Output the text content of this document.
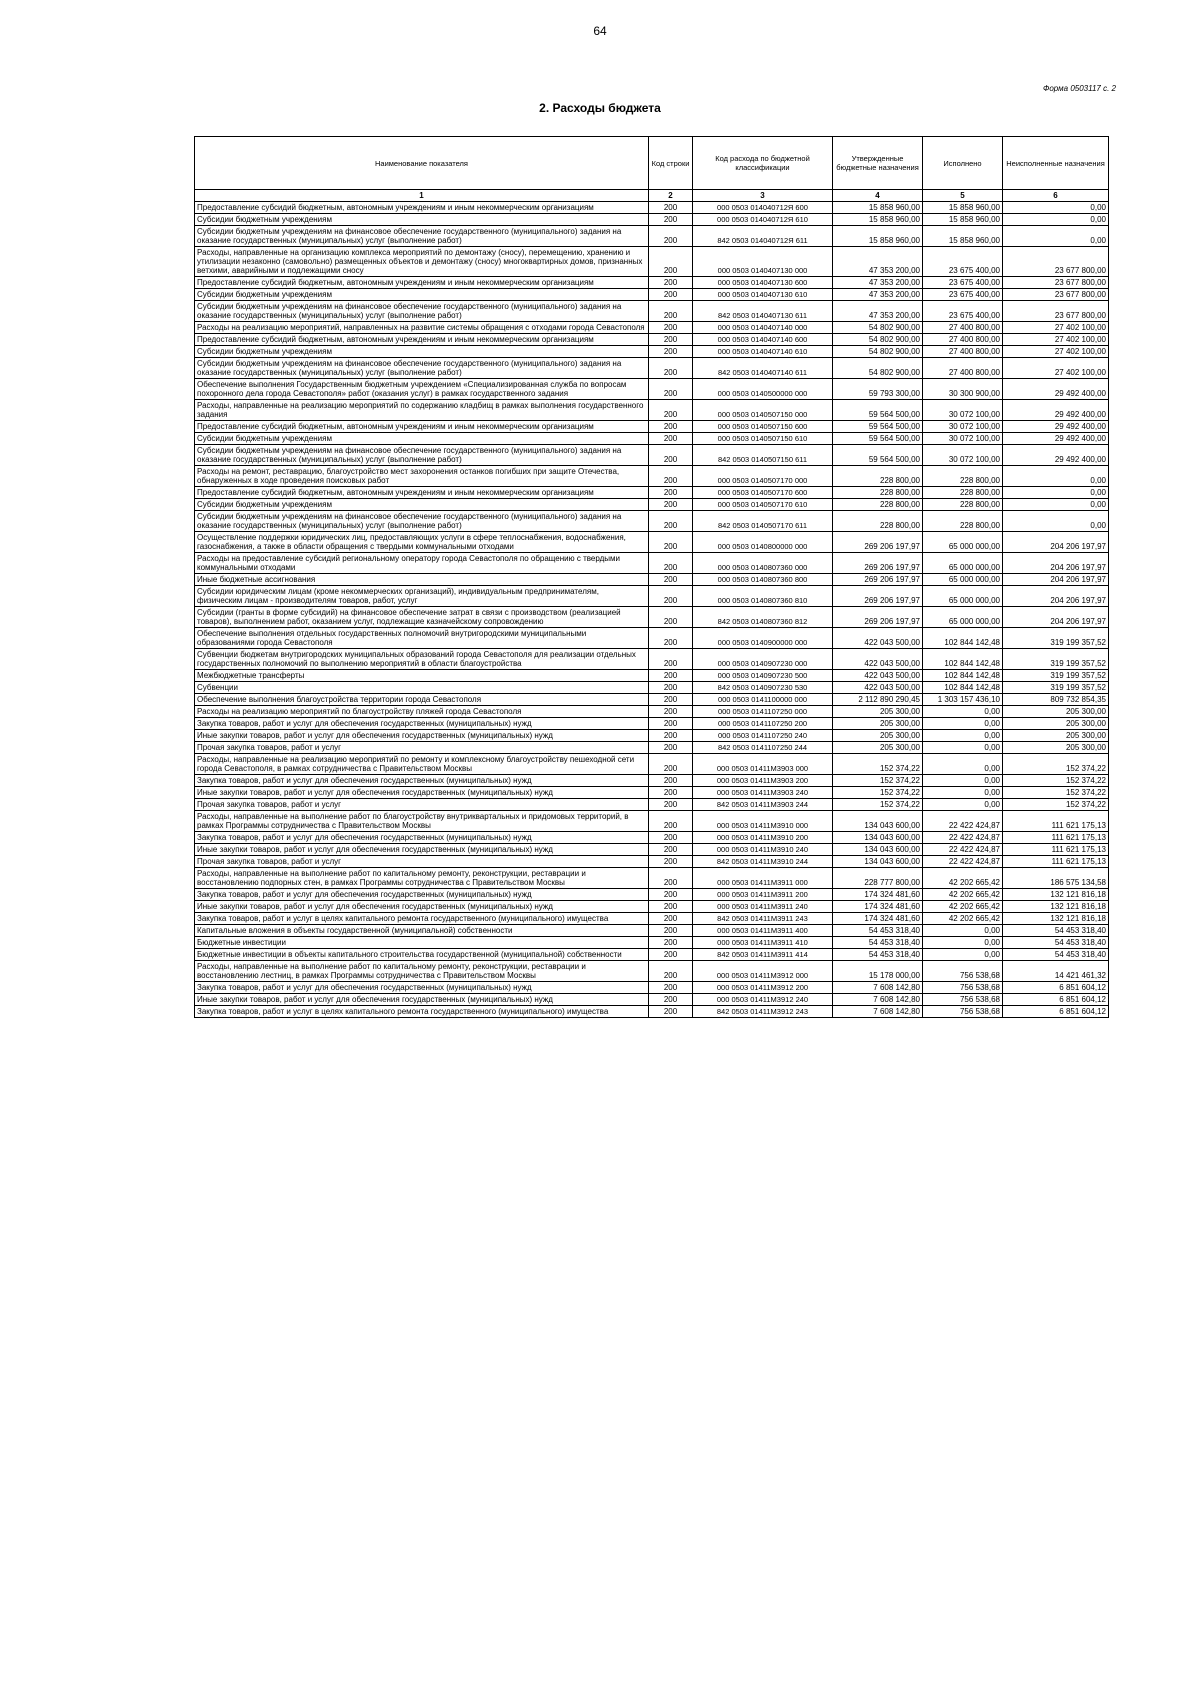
64
Форма 0503117 с. 2
2. Расходы бюджета
Наименование показателя	Код строки	Код расхода по бюджетной классификации	Утвержденные бюджетные назначения	Исполнено	Неисполненные назначения
1	2	3	4	5	6
Предоставление субсидий бюджетным, автономным учреждениям и иным некоммерческим организациям	200	000 0503 014040712Я 600	15 858 960,00	15 858 960,00	0,00
Субсидии бюджетным учреждениям	200	000 0503 014040712Я 610	15 858 960,00	15 858 960,00	0,00
Субсидии бюджетным учреждениям на финансовое обеспечение государственного (муниципального) задания на оказание государственных (муниципальных) услуг (выполнение работ)	200	842 0503 014040712Я 611	15 858 960,00	15 858 960,00	0,00
Расходы, направленные на организацию комплекса мероприятий по демонтажу (сносу), перемещению, хранению и утилизации незаконно (самовольно) размещенных объектов и демонтажу (сносу) многоквартирных домов, признанных ветхими, аварийными и подлежащими сносу	200	000 0503 0140407130 000	47 353 200,00	23 675 400,00	23 677 800,00
Предоставление субсидий бюджетным, автономным учреждениям и иным некоммерческим организациям	200	000 0503 0140407130 600	47 353 200,00	23 675 400,00	23 677 800,00
Субсидии бюджетным учреждениям	200	000 0503 0140407130 610	47 353 200,00	23 675 400,00	23 677 800,00
Субсидии бюджетным учреждениям на финансовое обеспечение государственного (муниципального) задания на оказание государственных (муниципальных) услуг (выполнение работ)	200	842 0503 0140407130 611	47 353 200,00	23 675 400,00	23 677 800,00
Расходы на реализацию мероприятий, направленных на развитие системы обращения с отходами города Севастополя	200	000 0503 0140407140 000	54 802 900,00	27 400 800,00	27 402 100,00
Предоставление субсидий бюджетным, автономным учреждениям и иным некоммерческим организациям	200	000 0503 0140407140 600	54 802 900,00	27 400 800,00	27 402 100,00
Субсидии бюджетным учреждениям	200	000 0503 0140407140 610	54 802 900,00	27 400 800,00	27 402 100,00
Субсидии бюджетным учреждениям на финансовое обеспечение государственного (муниципального) задания на оказание государственных (муниципальных) услуг (выполнение работ)	200	842 0503 0140407140 611	54 802 900,00	27 400 800,00	27 402 100,00
Обеспечение выполнения Государственным бюджетным учреждением «Специализированная служба по вопросам похоронного дела города Севастополя» работ (оказания услуг) в рамках государственного задания	200	000 0503 0140500000 000	59 793 300,00	30 300 900,00	29 492 400,00
Расходы, направленные на реализацию мероприятий по содержанию кладбищ в рамках выполнения государственного задания	200	000 0503 0140507150 000	59 564 500,00	30 072 100,00	29 492 400,00
Предоставление субсидий бюджетным, автономным учреждениям и иным некоммерческим организациям	200	000 0503 0140507150 600	59 564 500,00	30 072 100,00	29 492 400,00
Субсидии бюджетным учреждениям	200	000 0503 0140507150 610	59 564 500,00	30 072 100,00	29 492 400,00
Субсидии бюджетным учреждениям на финансовое обеспечение государственного (муниципального) задания на оказание государственных (муниципальных) услуг (выполнение работ)	200	842 0503 0140507150 611	59 564 500,00	30 072 100,00	29 492 400,00
Расходы на ремонт, реставрацию, благоустройство мест захоронения останков погибших при защите Отечества, обнаруженных в ходе проведения поисковых работ	200	000 0503 0140507170 000	228 800,00	228 800,00	0,00
Предоставление субсидий бюджетным, автономным учреждениям и иным некоммерческим организациям	200	000 0503 0140507170 600	228 800,00	228 800,00	0,00
Субсидии бюджетным учреждениям	200	000 0503 0140507170 610	228 800,00	228 800,00	0,00
Субсидии бюджетным учреждениям на финансовое обеспечение государственного (муниципального) задания на оказание государственных (муниципальных) услуг (выполнение работ)	200	842 0503 0140507170 611	228 800,00	228 800,00	0,00
Осуществление поддержки юридических лиц, предоставляющих услуги в сфере теплоснабжения, водоснабжения, газоснабжения, а также в области обращения с твердыми коммунальными отходами	200	000 0503 0140800000 000	269 206 197,97	65 000 000,00	204 206 197,97
Расходы на предоставление субсидий региональному оператору города Севастополя по обращению с твердыми коммунальными отходами	200	000 0503 0140807360 000	269 206 197,97	65 000 000,00	204 206 197,97
Иные бюджетные ассигнования	200	000 0503 0140807360 800	269 206 197,97	65 000 000,00	204 206 197,97
Субсидии юридическим лицам (кроме некоммерческих организаций), индивидуальным предпринимателям, физическим лицам - производителям товаров, работ, услуг	200	000 0503 0140807360 810	269 206 197,97	65 000 000,00	204 206 197,97
Субсидии (гранты в форме субсидий) на финансовое обеспечение затрат в связи с производством (реализацией товаров), выполнением работ, оказанием услуг, подлежащие казначейскому сопровождению	200	842 0503 0140807360 812	269 206 197,97	65 000 000,00	204 206 197,97
Обеспечение выполнения отдельных государственных полномочий внутригородскими муниципальными образованиями города Севастополя	200	000 0503 0140900000 000	422 043 500,00	102 844 142,48	319 199 357,52
Субвенции бюджетам внутригородских муниципальных образований города Севастополя для реализации отдельных государственных полномочий по выполнению мероприятий в области благоустройства	200	000 0503 0140907230 000	422 043 500,00	102 844 142,48	319 199 357,52
Межбюджетные трансферты	200	000 0503 0140907230 500	422 043 500,00	102 844 142,48	319 199 357,52
Субвенции	200	842 0503 0140907230 530	422 043 500,00	102 844 142,48	319 199 357,52
Обеспечение выполнения благоустройства территории города Севастополя	200	000 0503 0141100000 000	2 112 890 290,45	1 303 157 436,10	809 732 854,35
Расходы на реализацию мероприятий по благоустройству пляжей города Севастополя	200	000 0503 0141107250 000	205 300,00	0,00	205 300,00
Закупка товаров, работ и услуг для обеспечения государственных (муниципальных) нужд	200	000 0503 0141107250 200	205 300,00	0,00	205 300,00
Иные закупки товаров, работ и услуг для обеспечения государственных (муниципальных) нужд	200	000 0503 0141107250 240	205 300,00	0,00	205 300,00
Прочая закупка товаров, работ и услуг	200	842 0503 0141107250 244	205 300,00	0,00	205 300,00
Расходы, направленные на реализацию мероприятий по ремонту и комплексному благоустройству пешеходной сети города Севастополя, в рамках сотрудничества с Правительством Москвы	200	000 0503 01411М3903 000	152 374,22	0,00	152 374,22
Закупка товаров, работ и услуг для обеспечения государственных (муниципальных) нужд	200	000 0503 01411М3903 200	152 374,22	0,00	152 374,22
Иные закупки товаров, работ и услуг для обеспечения государственных (муниципальных) нужд	200	000 0503 01411М3903 240	152 374,22	0,00	152 374,22
Прочая закупка товаров, работ и услуг	200	842 0503 01411М3903 244	152 374,22	0,00	152 374,22
Расходы, направленные на выполнение работ по благоустройству внутриквартальных и придомовых территорий, в рамках Программы сотрудничества с Правительством Москвы	200	000 0503 01411М3910 000	134 043 600,00	22 422 424,87	111 621 175,13
Закупка товаров, работ и услуг для обеспечения государственных (муниципальных) нужд	200	000 0503 01411М3910 200	134 043 600,00	22 422 424,87	111 621 175,13
Иные закупки товаров, работ и услуг для обеспечения государственных (муниципальных) нужд	200	000 0503 01411М3910 240	134 043 600,00	22 422 424,87	111 621 175,13
Прочая закупка товаров, работ и услуг	200	842 0503 01411М3910 244	134 043 600,00	22 422 424,87	111 621 175,13
Расходы, направленные на выполнение работ по капитальному ремонту, реконструкции, реставрации и восстановлению подпорных стен, в рамках Программы сотрудничества с Правительством Москвы	200	000 0503 01411М3911 000	228 777 800,00	42 202 665,42	186 575 134,58
Закупка товаров, работ и услуг для обеспечения государственных (муниципальных) нужд	200	000 0503 01411М3911 200	174 324 481,60	42 202 665,42	132 121 816,18
Иные закупки товаров, работ и услуг для обеспечения государственных (муниципальных) нужд	200	000 0503 01411М3911 240	174 324 481,60	42 202 665,42	132 121 816,18
Закупка товаров, работ и услуг в целях капитального ремонта государственного (муниципального) имущества	200	842 0503 01411М3911 243	174 324 481,60	42 202 665,42	132 121 816,18
Капитальные вложения в объекты государственной (муниципальной) собственности	200	000 0503 01411М3911 400	54 453 318,40	0,00	54 453 318,40
Бюджетные инвестиции	200	000 0503 01411М3911 410	54 453 318,40	0,00	54 453 318,40
Бюджетные инвестиции в объекты капитального строительства государственной (муниципальной) собственности	200	842 0503 01411М3911 414	54 453 318,40	0,00	54 453 318,40
Расходы, направленные на выполнение работ по капитальному ремонту, реконструкции, реставрации и восстановлению лестниц, в рамках Программы сотрудничества с Правительством Москвы	200	000 0503 01411М3912 000	15 178 000,00	756 538,68	14 421 461,32
Закупка товаров, работ и услуг для обеспечения государственных (муниципальных) нужд	200	000 0503 01411М3912 200	7 608 142,80	756 538,68	6 851 604,12
Иные закупки товаров, работ и услуг для обеспечения государственных (муниципальных) нужд	200	000 0503 01411М3912 240	7 608 142,80	756 538,68	6 851 604,12
Закупка товаров, работ и услуг в целях капитального ремонта государственного (муниципального) имущества	200	842 0503 01411М3912 243	7 608 142,80	756 538,68	6 851 604,12
